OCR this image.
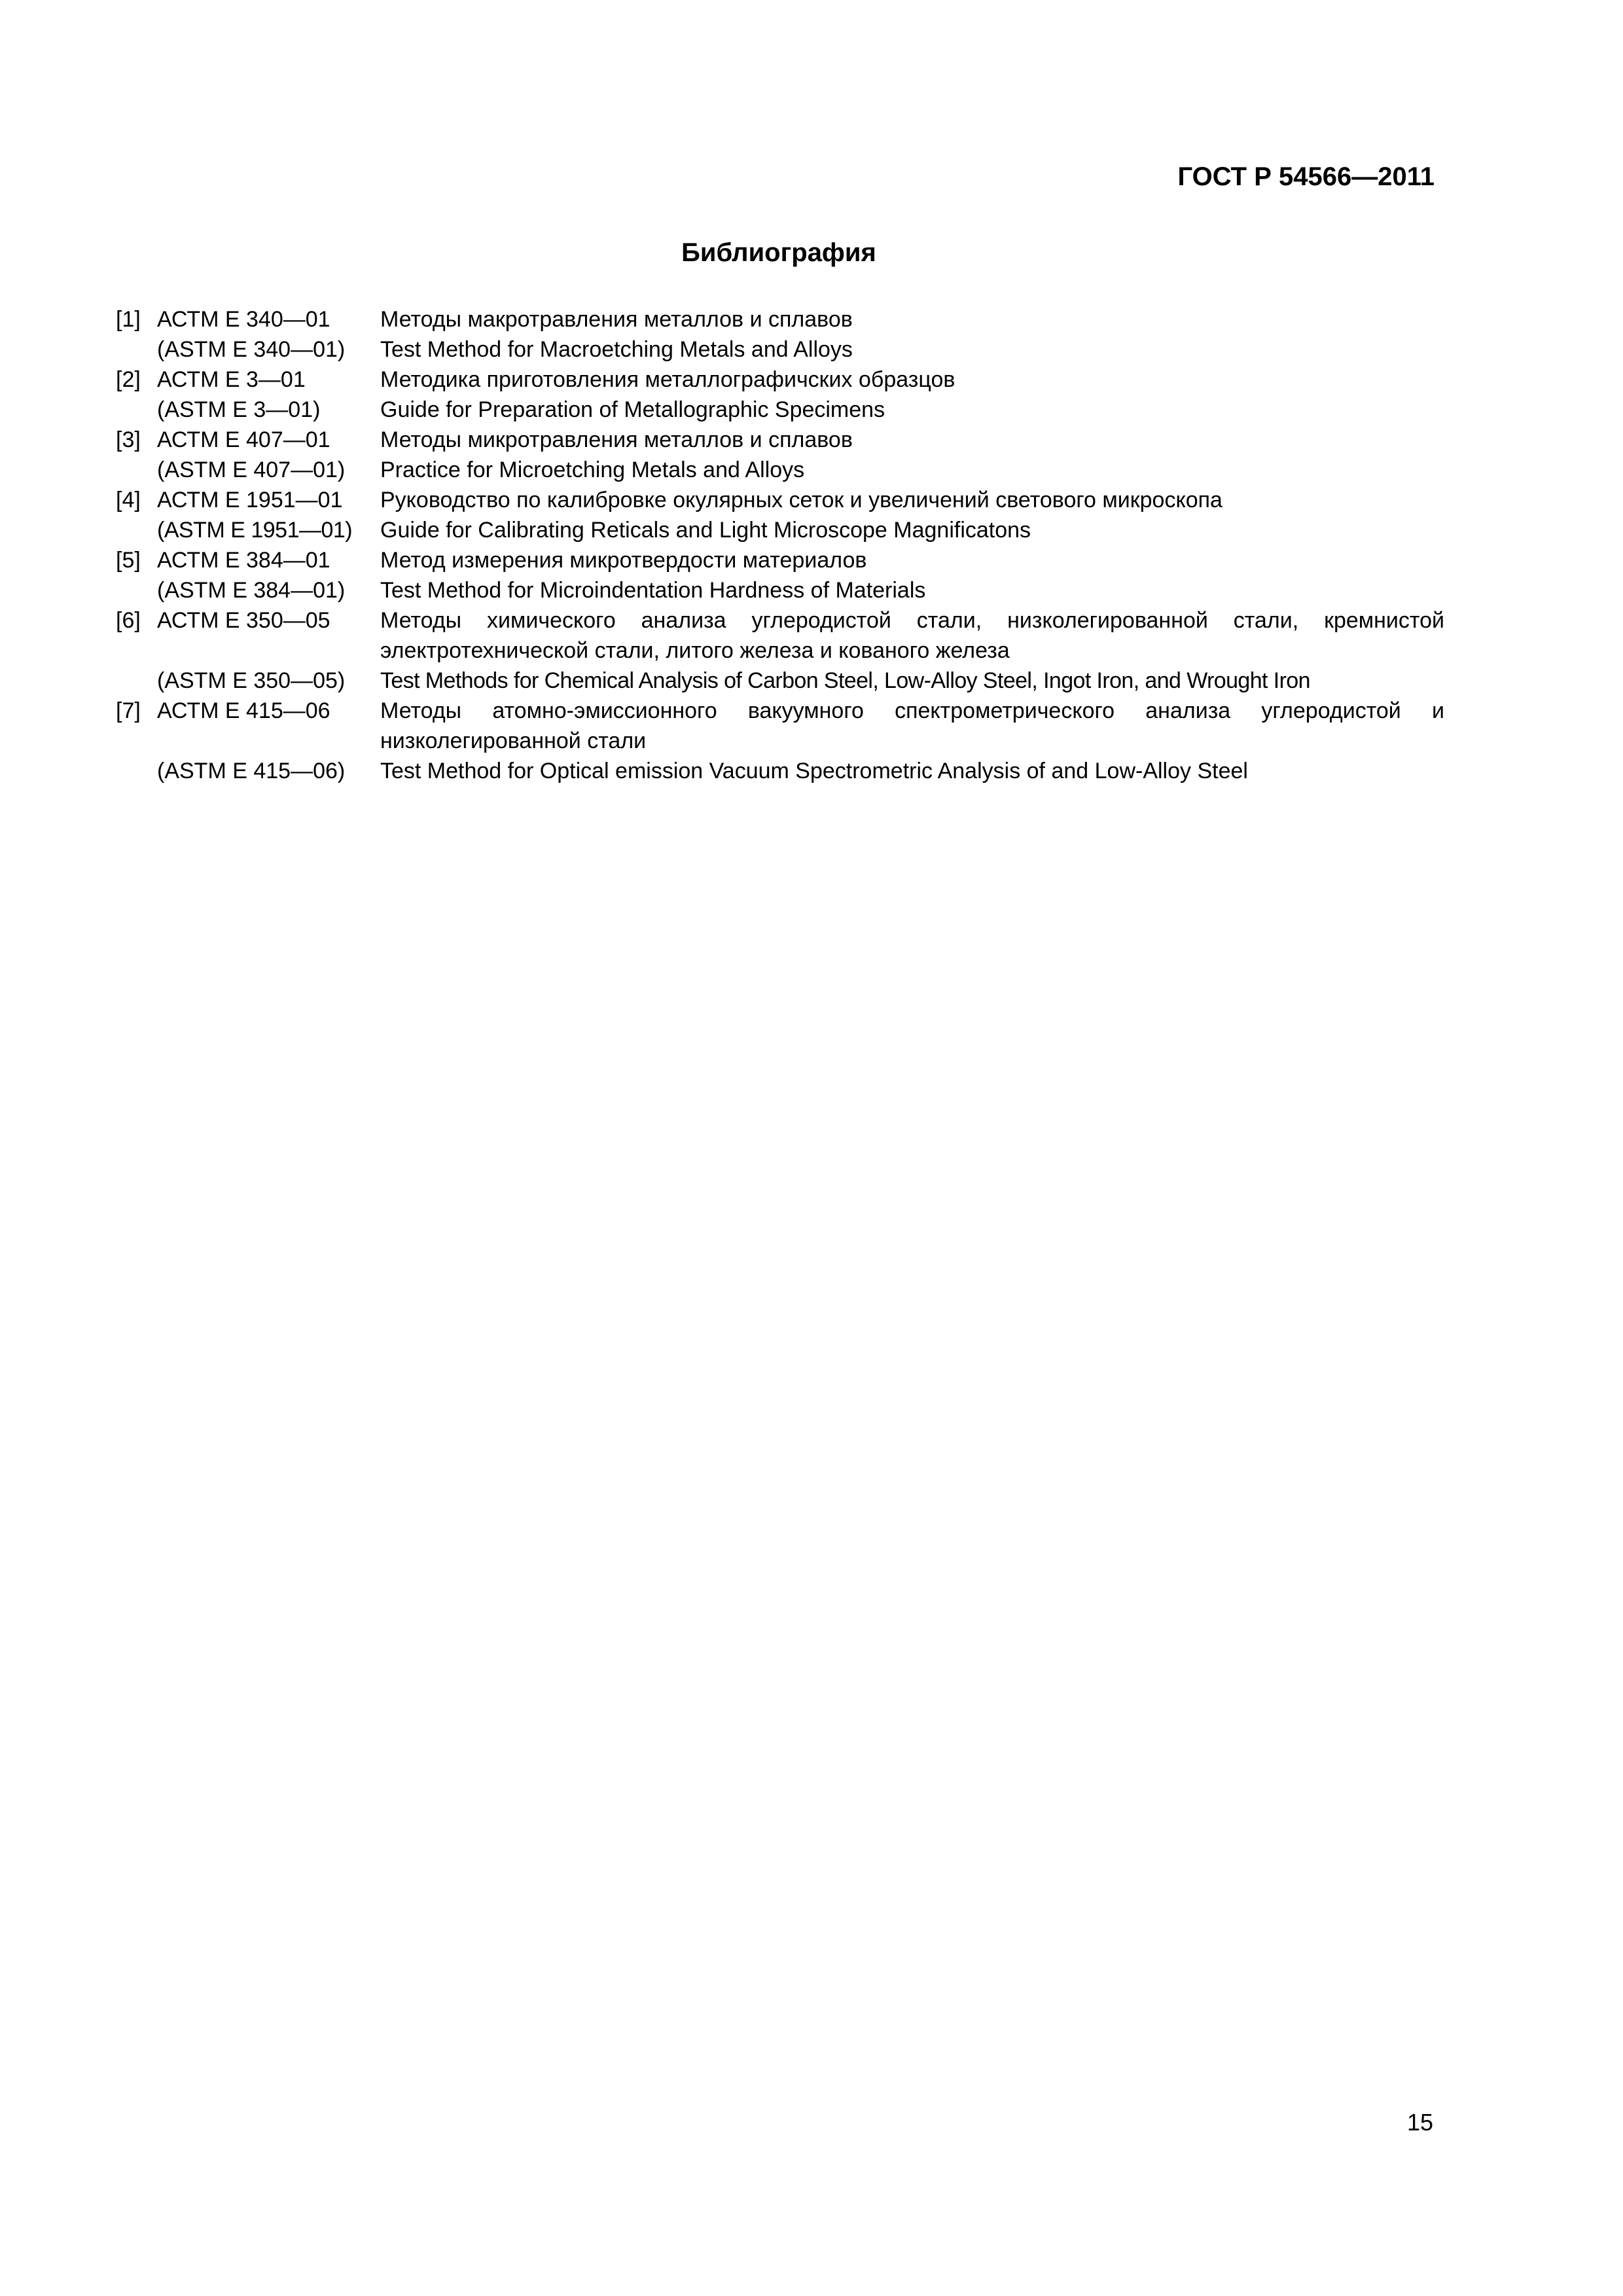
ГОСТ Р 54566—2011
Библиография
[1] АСТМ Е 340—01	Методы макротравления металлов и сплавов
(ASTM E 340—01)	Test Method for Macroetching Metals and Alloys
[2] АСТМ Е 3—01	Методика приготовления металлографичских образцов
(ASTM E 3—01)	Guide for Preparation of Metallographic Specimens
[3] АСТМ Е 407—01	Методы микротравления металлов и сплавов
(ASTM E 407—01)	Practice for Microetching Metals and Alloys
[4] АСТМ Е 1951—01	Руководство по калибровке окулярных сеток и увеличений светового микроскопа
(ASTM E 1951—01)	Guide for Calibrating Reticals and Light Microscope Magnificatons
[5] АСТМ Е 384—01	Метод измерения микротвердости материалов
(ASTM E 384—01)	Test Method for Microindentation Hardness of Materials
[6] АСТМ Е 350—05	Методы химического анализа углеродистой стали, низколегированной стали, кремнистой электротехнической стали, литого железа и кованого железа
(ASTM E 350—05)	Test Methods for Chemical Analysis of Carbon Steel, Low-Alloy Steel, Ingot Iron, and Wrought Iron
[7] АСТМ Е 415—06	Методы атомно-эмиссионного вакуумного спектрометрического анализа углеродистой и низколегированной стали
(ASTM E 415—06)	Test Method for Optical emission Vacuum Spectrometric Analysis of and Low-Alloy Steel
15
